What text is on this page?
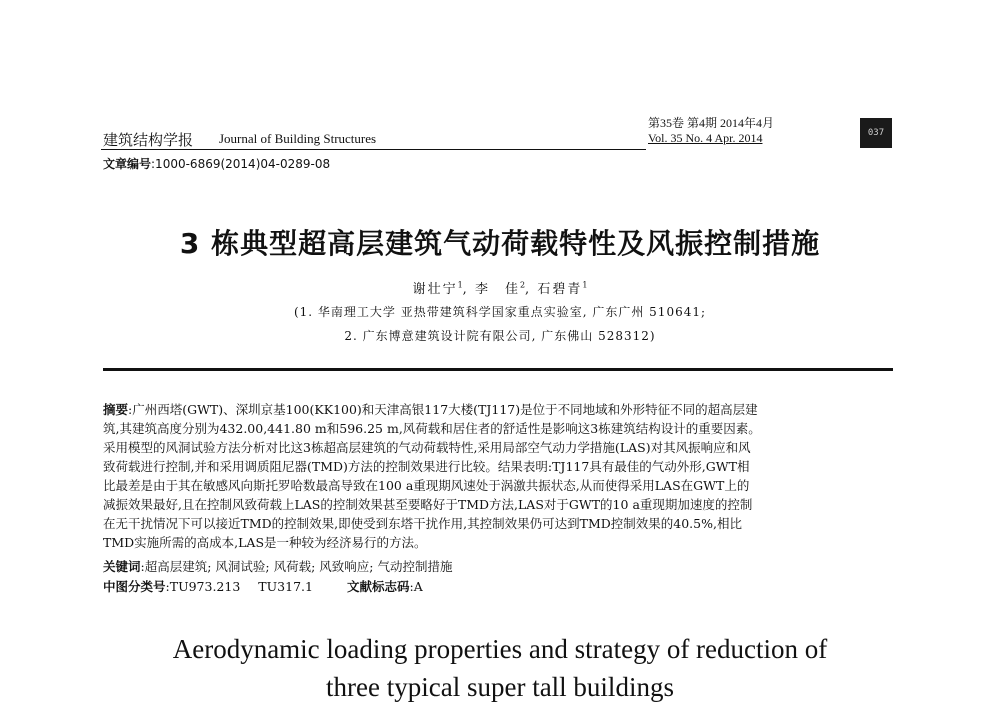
建筑结构学报 Journal of Building Structures
第35卷 第4期 2014年4月
Vol. 35 No. 4 Apr. 2014	037
文章编号:1000-6869(2014)04-0289-08
3 栋典型超高层建筑气动荷载特性及风振控制措施
谢壮宁$^1$, 李　佳$^2$, 石碧青$^1$
(1. 华南理工大学 亚热带建筑科学国家重点实验室, 广东广州 510641;
2. 广东博意建筑设计院有限公司, 广东佛山 528312)
摘要:广州西塔(GWT)、深圳京基100(KK100)和天津高银117大楼(TJ117)是位于不同地域和外形特征不同的超高层建
筑,其建筑高度分别为432.00,441.80 m和596.25 m,风荷载和居住者的舒适性是影响这3栋建筑结构设计的重要因素。
采用模型的风洞试验方法分析对比这3栋超高层建筑的气动荷载特性,采用局部空气动力学措施(LAS)对其风振响应和风
致荷载进行控制,并和采用调质阻尼器(TMD)方法的控制效果进行比较。结果表明:TJ117具有最佳的气动外形,GWT相
比最差是由于其在敏感风向斯托罗哈数最高导致在100 a重现期风速处于涡激共振状态,从而使得采用LAS在GWT上的
减振效果最好,且在控制风致荷载上LAS的控制效果甚至要略好于TMD方法,LAS对于GWT的10 a重现期加速度的控制
在无干扰情况下可以接近TMD的控制效果,即使受到东塔干扰作用,其控制效果仍可达到TMD控制效果的40.5%,相比
TMD实施所需的高成本,LAS是一种较为经济易行的方法。
关键词:超高层建筑; 风洞试验; 风荷载; 风致响应; 气动控制措施
中图分类号:TU973.213 TU317.1	文献标志码:A
Aerodynamic loading properties and strategy of reduction of
three typical super tall buildings
